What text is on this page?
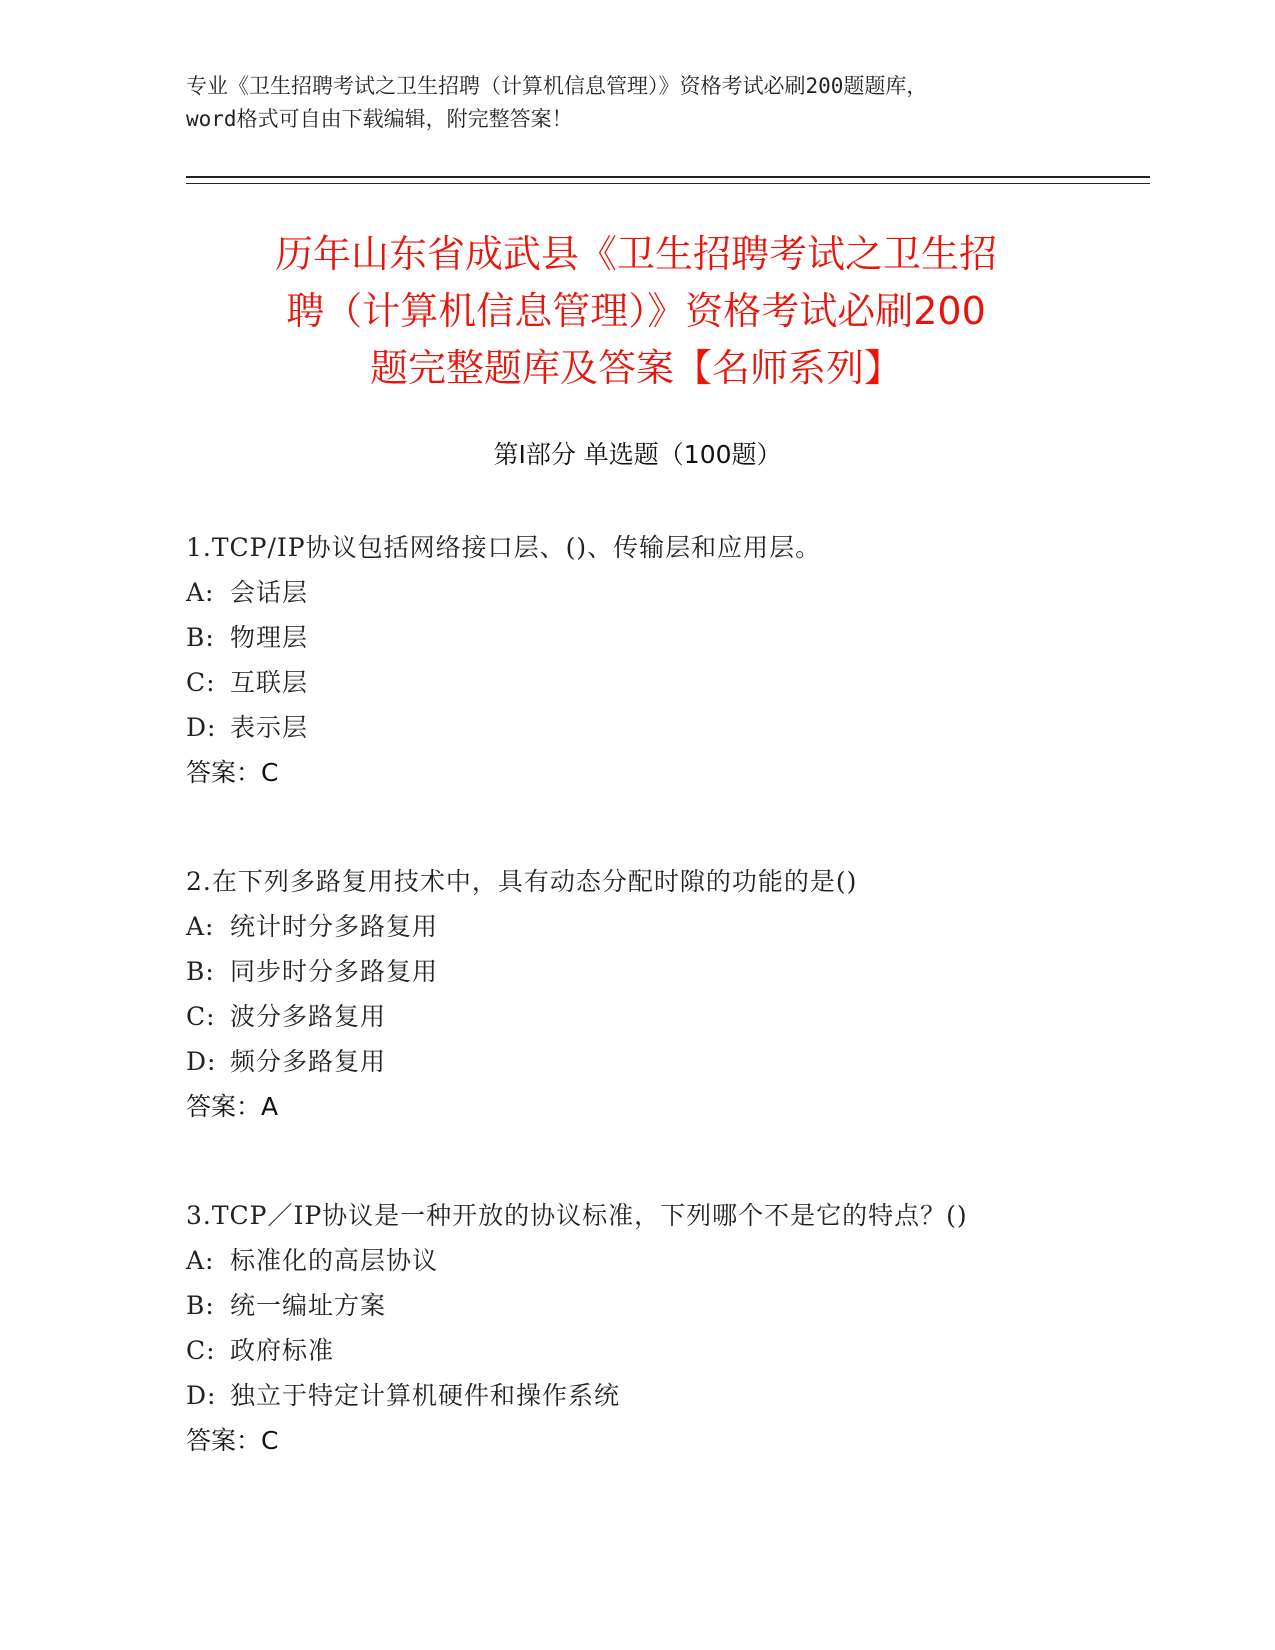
专业《卫生招聘考试之卫生招聘（计算机信息管理）》资格考试必刷200题题库，
word格式可自由下载编辑，附完整答案！
历年山东省成武县《卫生招聘考试之卫生招
聘（计算机信息管理）》资格考试必刷200
题完整题库及答案【名师系列】
第Ⅰ部分 单选题（100题）
1.TCP/IP协议包括网络接口层、()、传输层和应用层。
A: 会话层
B: 物理层
C: 互联层
D: 表示层
答案：C
2.在下列多路复用技术中，具有动态分配时隙的功能的是()
A: 统计时分多路复用
B: 同步时分多路复用
C: 波分多路复用
D: 频分多路复用
答案：A
3.TCP／IP协议是一种开放的协议标准，下列哪个不是它的特点？()
A: 标准化的高层协议
B: 统一编址方案
C: 政府标准
D: 独立于特定计算机硬件和操作系统
答案：C
